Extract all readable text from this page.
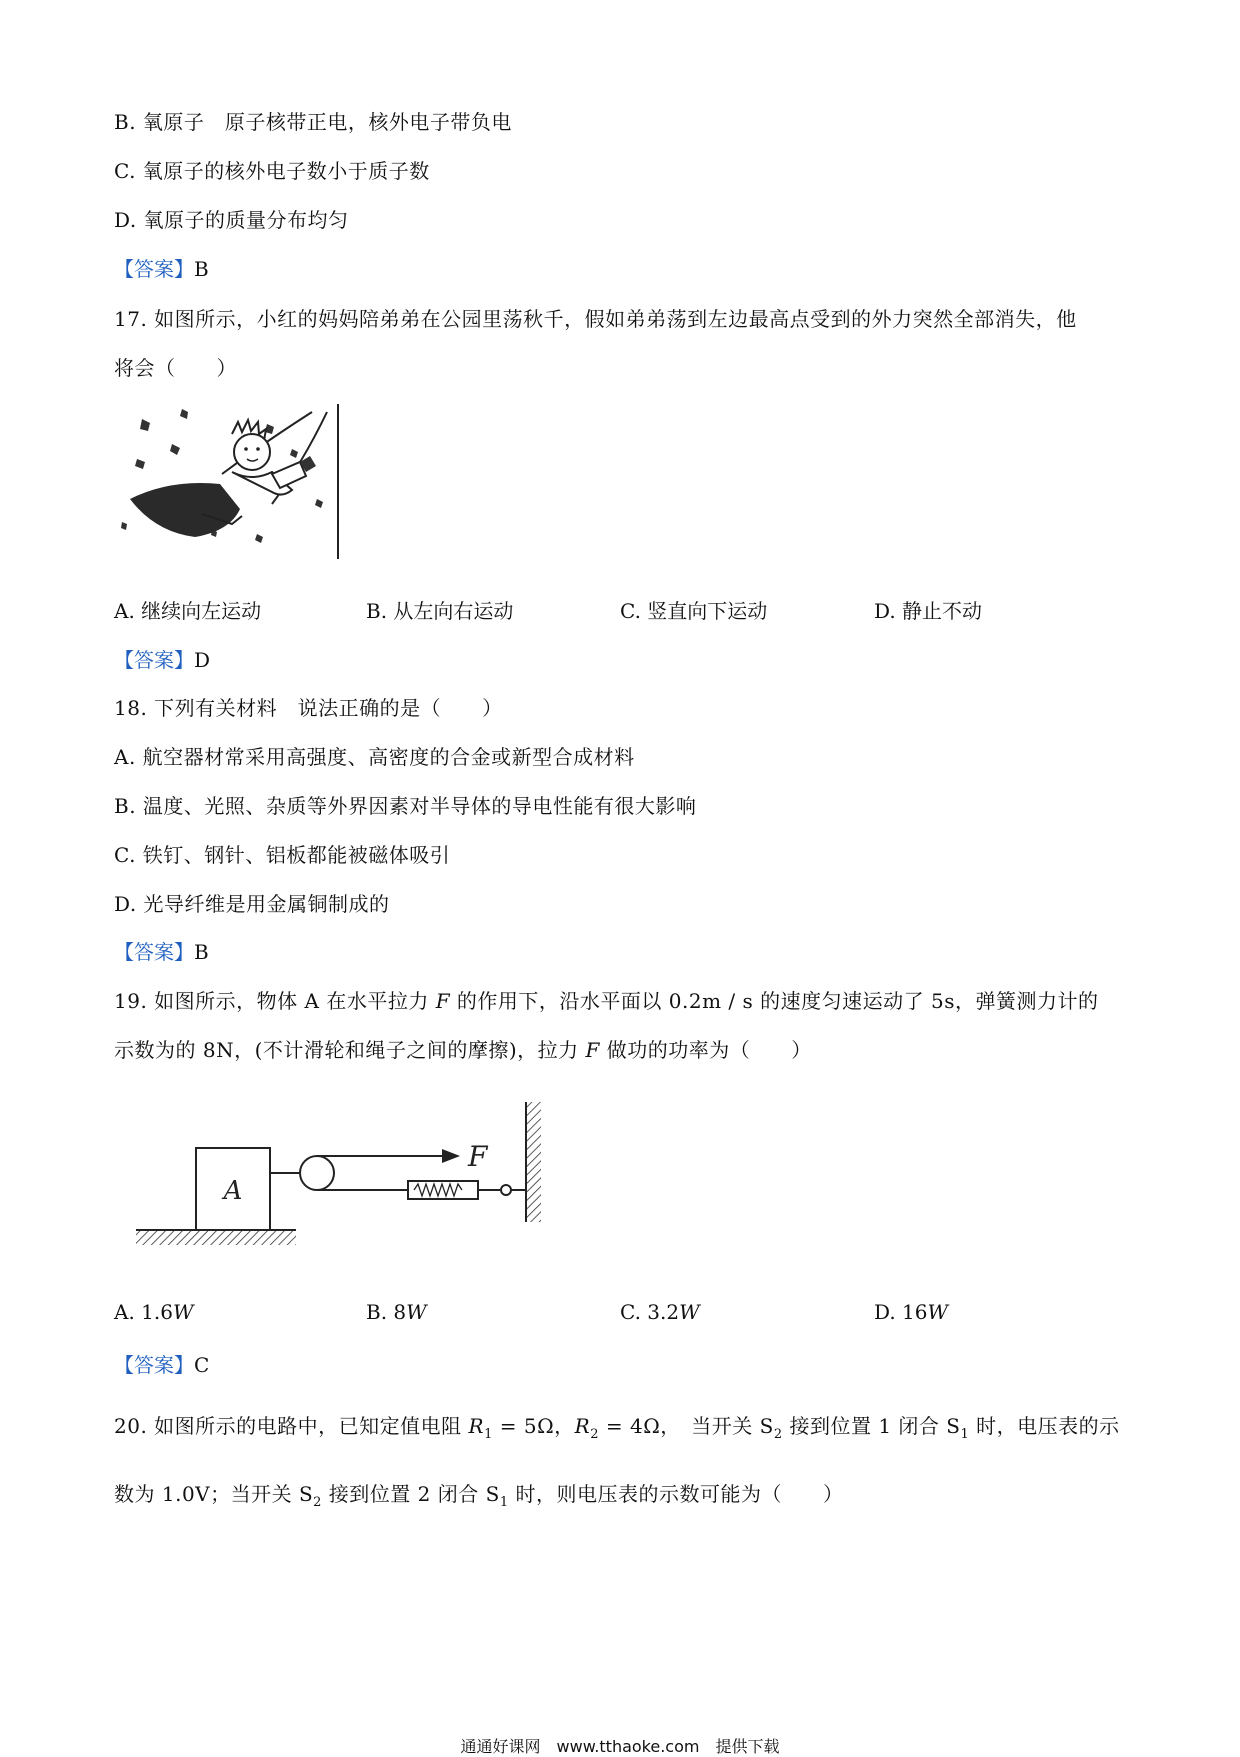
B. 氧原子　原子核带正电，核外电子带负电
C. 氧原子的核外电子数小于质子数
D. 氧原子的质量分布均匀
【答案】B
17. 如图所示，小红的妈妈陪弟弟在公园里荡秋千，假如弟弟荡到左边最高点受到的外力突然全部消失，他
将会（　　）
A. 继续向左运动	B. 从左向右运动	C. 竖直向下运动	D. 静止不动
【答案】D
18. 下列有关材料　说法正确的是（　　）
A. 航空器材常采用高强度、高密度的合金或新型合成材料
B. 温度、光照、杂质等外界因素对半导体的导电性能有很大影响
C. 铁钉、钢针、铝板都能被磁体吸引
D. 光导纤维是用金属铜制成的
【答案】B
19. 如图所示，物体 A 在水平拉力 F 的作用下，沿水平面以 0.2m / s 的速度匀速运动了 5s，弹簧测力计的
示数为的 8N，(不计滑轮和绳子之间的摩擦)，拉力 F 做功的功率为（　　）
A
F
A. 1.6W	B. 8W	C. 3.2W	D. 16W
【答案】C
20. 如图所示的电路中，已知定值电阻 $R_1 = 5\Omega$，$R_2 = 4\Omega$，　当开关 $S_2$ 接到位置 1 闭合 $S_1$ 时，电压表的示
数为 1.0V；当开关 $S_2$ 接到位置 2 闭合 $S_1$ 时，则电压表的示数可能为（　　）
通通好课网　www.tthaoke.com　提供下载
